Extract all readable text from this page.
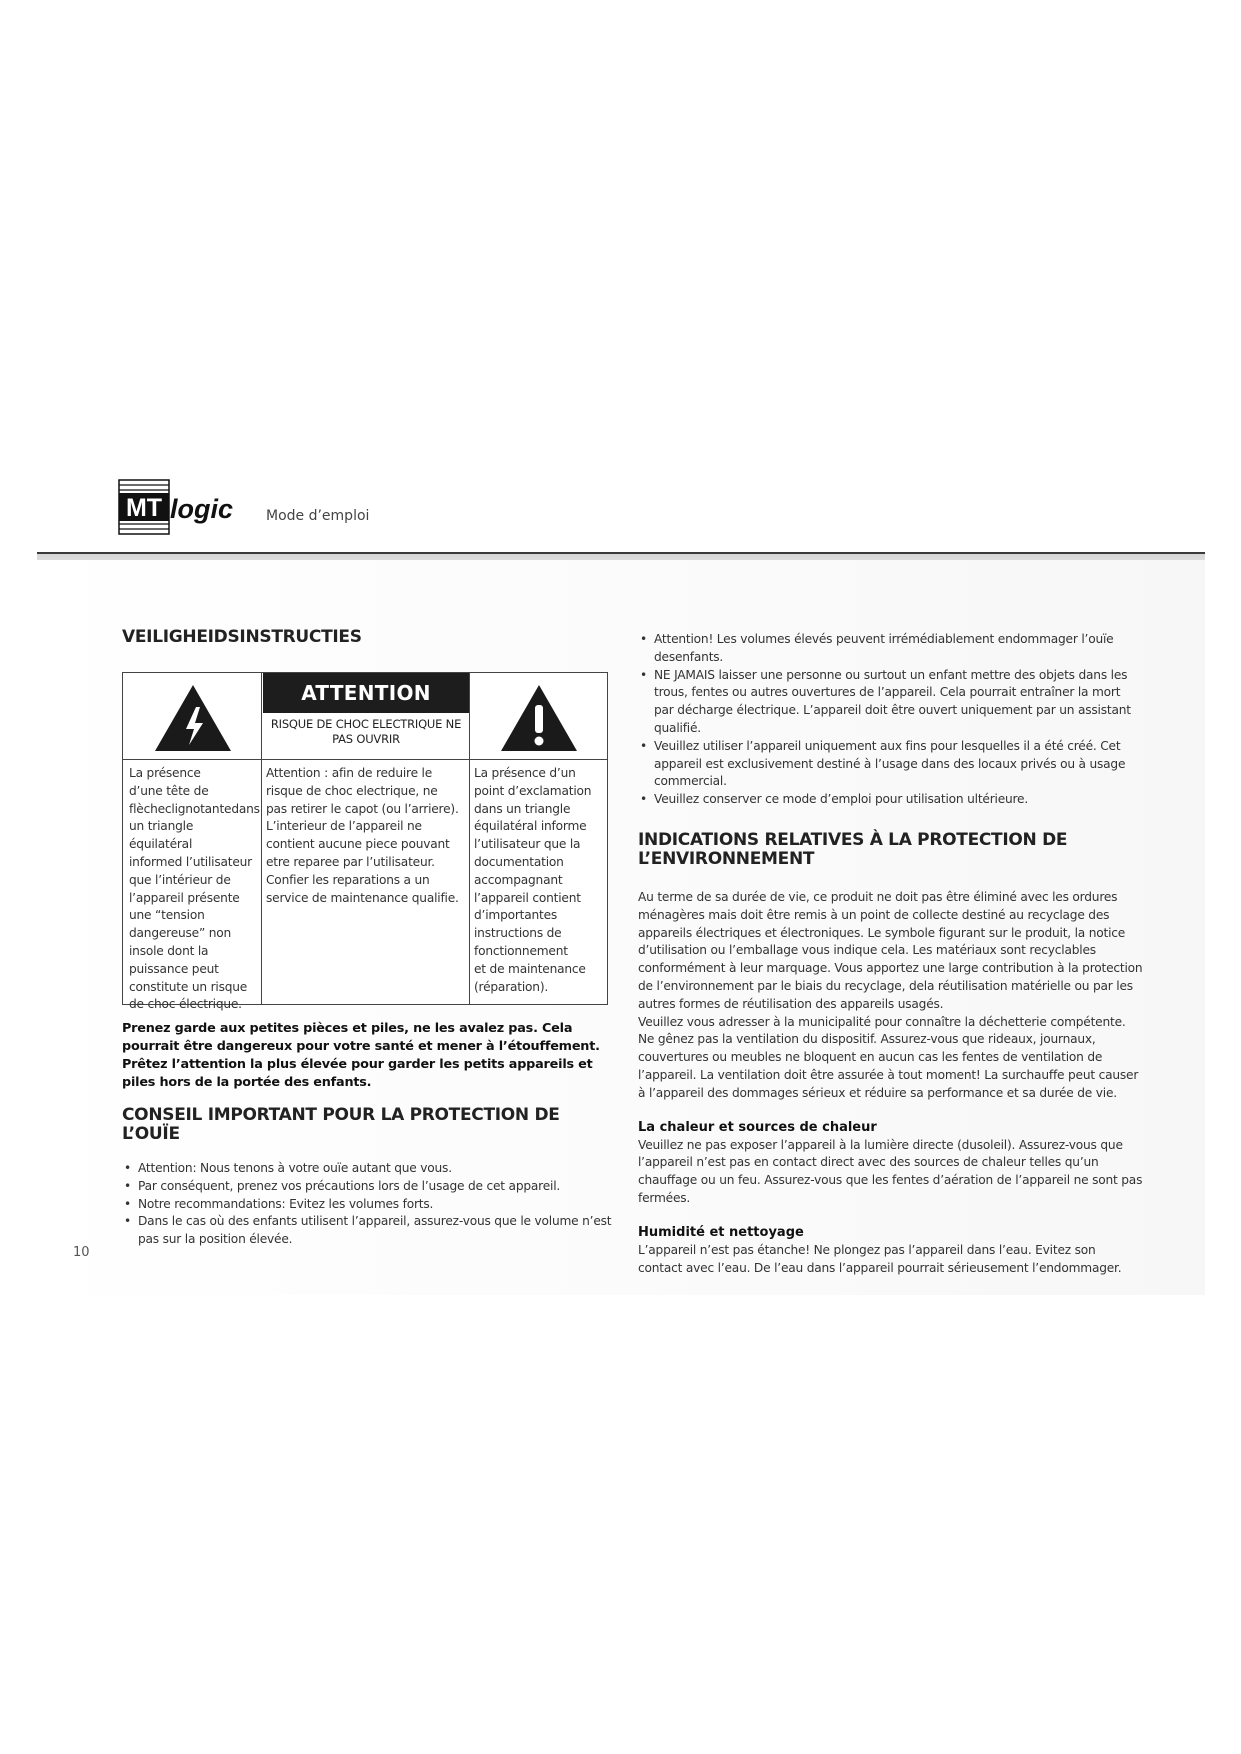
MT logic Mode d’emploi
VEILIGHEIDSINSTRUCTIES
ATTENTION
RISQUE DE CHOC ELECTRIQUE NE PAS OUVRIR
La présence
d’une tête de
flècheclignotantedans
un triangle équilatéral
informed l’utilisateur
que l’intérieur de
l’appareil présente
une “tension
dangereuse” non
insole dont la
puissance peut
constitute un risque
de choc électrique.
Attention : afin de reduire le
risque de choc electrique, ne
pas retirer le capot (ou l’arriere).
L’interieur de l’appareil ne
contient aucune piece pouvant
etre reparee par l’utilisateur.
Confier les reparations a un
service de maintenance qualifie.
La présence d’un
point d’exclamation
dans un triangle
équilatéral informe
l’utilisateur que la
documentation
accompagnant
l’appareil contient
d’importantes
instructions de
fonctionnement
et de maintenance
(réparation).
Prenez garde aux petites pièces et piles, ne les avalez pas. Cela pourrait être dangereux pour votre santé et mener à l’étouffement. Prêtez l’attention la plus élevée pour garder les petits appareils et piles hors de la portée des enfants.
CONSEIL IMPORTANT POUR LA PROTECTION DE L’OUÏE
• Attention: Nous tenons à votre ouïe autant que vous.
• Par conséquent, prenez vos précautions lors de l’usage de cet appareil.
• Notre recommandations: Evitez les volumes forts.
• Dans le cas où des enfants utilisent l’appareil, assurez-vous que le volume n’est pas sur la position élevée.
• Attention! Les volumes élevés peuvent irrémédiablement endommager l’ouïe desenfants.
• NE JAMAIS laisser une personne ou surtout un enfant mettre des objets dans les trous, fentes ou autres ouvertures de l’appareil. Cela pourrait entraîner la mort par décharge électrique. L’appareil doit être ouvert uniquement par un assistant qualifié.
• Veuillez utiliser l’appareil uniquement aux fins pour lesquelles il a été créé. Cet appareil est exclusivement destiné à l’usage dans des locaux privés ou à usage commercial.
• Veuillez conserver ce mode d’emploi pour utilisation ultérieure.
INDICATIONS RELATIVES À LA PROTECTION DE
L’ENVIRONNEMENT

Au terme de sa durée de vie, ce produit ne doit pas être éliminé avec les ordures ménagères mais doit être remis à un point de collecte destiné au recyclage des appareils électriques et électroniques. Le symbole figurant sur le produit, la notice d’utilisation ou l’emballage vous indique cela. Les matériaux sont recyclables conformément à leur marquage. Vous apportez une large contribution à la protection de l’environnement par le biais du recyclage, dela réutilisation matérielle ou par les autres formes de réutilisation des appareils usagés.

Veuillez vous adresser à la municipalité pour connaître la déchetterie compétente.

Ne gênez pas la ventilation du dispositif. Assurez-vous que rideaux, journaux, couvertures ou meubles ne bloquent en aucun cas les fentes de ventilation de l’appareil. La ventilation doit être assurée à tout moment! La surchauffe peut causer à l’appareil des dommages sérieux et réduire sa performance et sa durée de vie.

La chaleur et sources de chaleur

Veuillez ne pas exposer l’appareil à la lumière directe (dusoleil). Assurez-vous que l’appareil n’est pas en contact direct avec des sources de chaleur telles qu’un chauffage ou un feu. Assurez-vous que les fentes d’aération de l’appareil ne sont pas fermées.

Humidité et nettoyage

L’appareil n’est pas étanche! Ne plongez pas l’appareil dans l’eau. Evitez son contact avec l’eau. De l’eau dans l’appareil pourrait sérieusement l’endommager.

10
